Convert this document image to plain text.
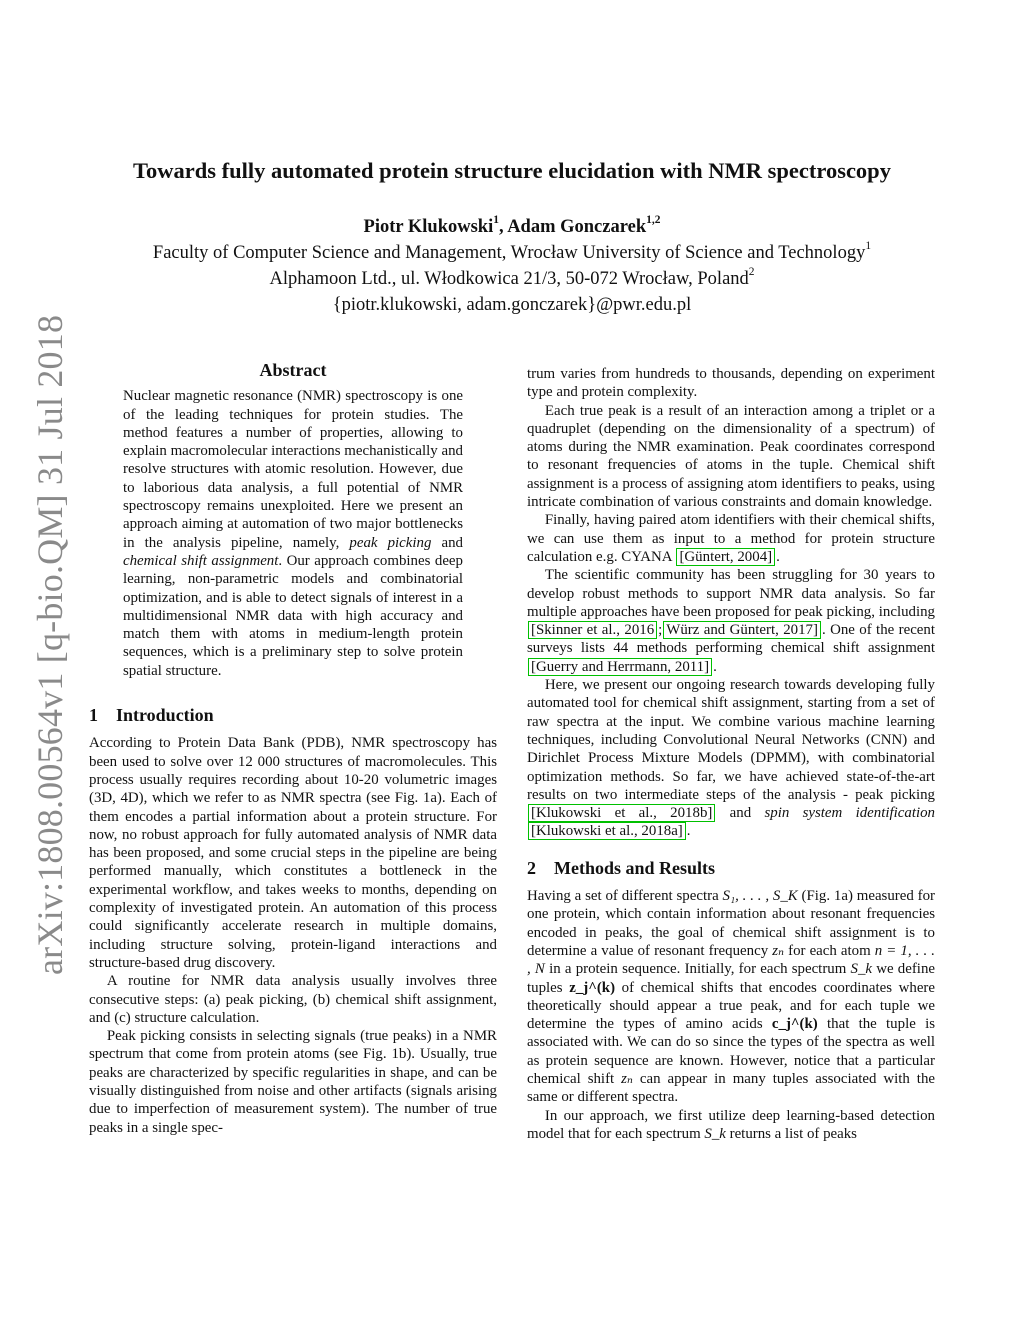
arXiv:1808.00564v1 [q-bio.QM] 31 Jul 2018
Towards fully automated protein structure elucidation with NMR spectroscopy
Piotr Klukowski$^1$, Adam Gonczarek$^{1,2}$
Faculty of Computer Science and Management, Wrocław University of Science and Technology$^1$
Alphamoon Ltd., ul. Włodkowica 21/3, 50-072 Wrocław, Poland$^2$
{piotr.klukowski, adam.gonczarek}@pwr.edu.pl
Abstract

Nuclear magnetic resonance (NMR) spectroscopy is one of the leading techniques for protein studies. The method features a number of properties, allowing to explain macromolecular interactions mechanistically and resolve structures with atomic resolution. However, due to laborious data analysis, a full potential of NMR spectroscopy remains unexploited. Here we present an approach aiming at automation of two major bottlenecks in the analysis pipeline, namely, peak picking and chemical shift assignment. Our approach combines deep learning, non-parametric models and combinatorial optimization, and is able to detect signals of interest in a multidimensional NMR data with high accuracy and match them with atoms in medium-length protein sequences, which is a preliminary step to solve protein spatial structure.

1 Introduction

According to Protein Data Bank (PDB), NMR spectroscopy has been used to solve over 12 000 structures of macromolecules. This process usually requires recording about 10-20 volumetric images (3D, 4D), which we refer to as NMR spectra (see Fig. 1a). Each of them encodes a partial information about a protein structure. For now, no robust approach for fully automated analysis of NMR data has been proposed, and some crucial steps in the pipeline are being performed manually, which constitutes a bottleneck in the experimental workflow, and takes weeks to months, depending on complexity of investigated protein. An automation of this process could significantly accelerate research in multiple domains, including structure solving, protein-ligand interactions and structure-based drug discovery.

A routine for NMR data analysis usually involves three consecutive steps: (a) peak picking, (b) chemical shift assignment, and (c) structure calculation.

Peak picking consists in selecting signals (true peaks) in a NMR spectrum that come from protein atoms (see Fig. 1b). Usually, true peaks are characterized by specific regularities in shape, and can be visually distinguished from noise and other artifacts (signals arising due to imperfection of measurement system). The number of true peaks in a single spec-

trum varies from hundreds to thousands, depending on experiment type and protein complexity.

Each true peak is a result of an interaction among a triplet or a quadruplet (depending on the dimensionality of a spectrum) of atoms during the NMR examination. Peak coordinates correspond to resonant frequencies of atoms in the tuple. Chemical shift assignment is a process of assigning atom identifiers to peaks, using intricate combination of various constraints and domain knowledge.

Finally, having paired atom identifiers with their chemical shifts, we can use them as input to a method for protein structure calculation e.g. CYANA [Güntert, 2004] .

The scientific community has been struggling for 30 years to develop robust methods to support NMR data analysis. So far multiple approaches have been proposed for peak picking, including [Skinner et al., 2016 ; Würz and Güntert, 2017] . One of the recent surveys lists 44 methods performing chemical shift assignment [Guerry and Herrmann, 2011] .

Here, we present our ongoing research towards developing fully automated tool for chemical shift assignment, starting from a set of raw spectra at the input. We combine various machine learning techniques, including Convolutional Neural Networks (CNN) and Dirichlet Process Mixture Models (DPMM), with combinatorial optimization methods. So far, we have achieved state-of-the-art results on two intermediate steps of the analysis - peak picking [Klukowski et al., 2018b] and spin system identification [Klukowski et al., 2018a] .

2 Methods and Results

Having a set of different spectra S₁, . . . , S_K (Fig. 1a) measured for one protein, which contain information about resonant frequencies encoded in peaks, the goal of chemical shift assignment is to determine a value of resonant frequency zₙ for each atom n = 1, . . . , N in a protein sequence. Initially, for each spectrum S_k we define tuples z_j^(k) of chemical shifts that encodes coordinates where theoretically should appear a true peak, and for each tuple we determine the types of amino acids c_j^(k) that the tuple is associated with. We can do so since the types of the spectra as well as protein sequence are known. However, notice that a particular chemical shift zₙ can appear in many tuples associated with the same or different spectra.

In our approach, we first utilize deep learning-based detection model that for each spectrum S_k returns a list of peaks
